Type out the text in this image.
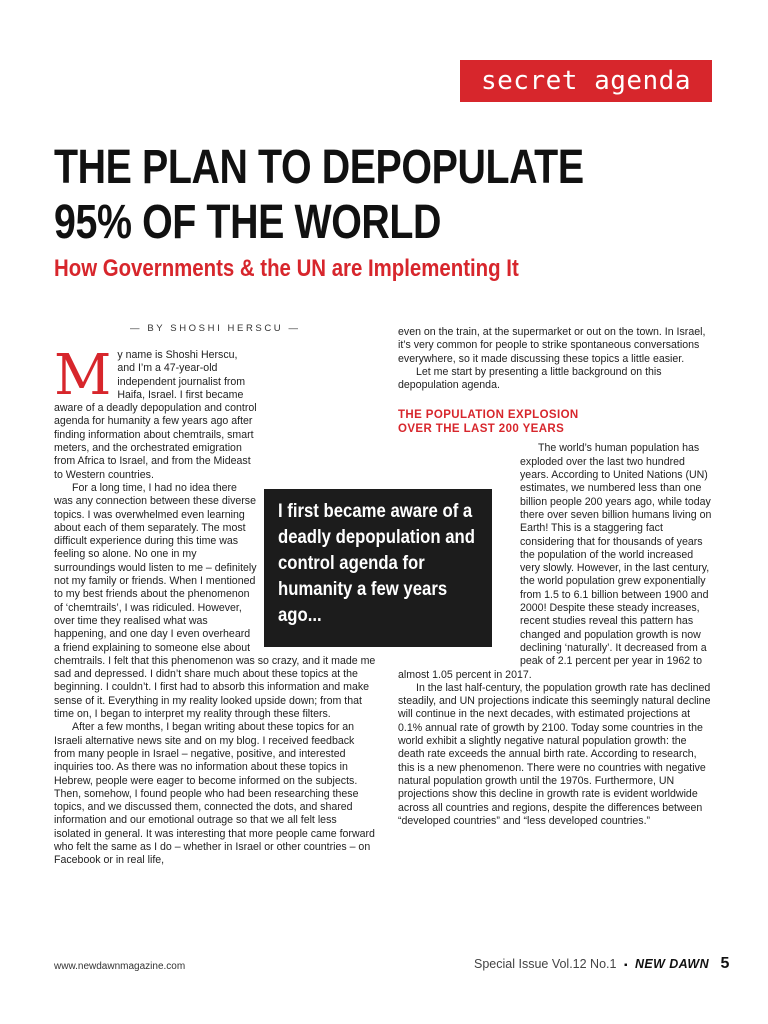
secret agenda
THE PLAN TO DEPOPULATE
95% OF THE WORLD
How Governments & the UN are Implementing It
— BY SHOSHI HERSCU —
M y name is Shoshi Herscu, and I’m a 47-year-old independent journalist from Haifa, Israel. I first became aware of a deadly depopulation and control agenda for humanity a few years ago after finding information about chemtrails, smart meters, and the orchestrated emigration from Africa to Israel, and from the Mideast to Western countries.

For a long time, I had no idea there was any connection between these diverse topics. I was overwhelmed even learning about each of them separately. The most difficult experience during this time was feeling so alone. No one in my surroundings would listen to me – definitely not my family or friends. When I mentioned to my best friends about the phenomenon of ‘chemtrails’, I was ridiculed. However, over time they realised what was happening, and one day I even overheard a friend explaining to someone else about chemtrails. I felt that this phenomenon was so crazy, and it made me sad and depressed. I didn’t share much about these topics at the beginning. I couldn’t. I first had to absorb this information and make sense of it. Everything in my reality looked upside down; from that time on, I began to interpret my reality through these filters.

After a few months, I began writing about these topics for an Israeli alternative news site and on my blog. I received feedback from many people in Israel – negative, positive, and interested inquiries too. As there was no information about these topics in Hebrew, people were eager to become informed on the subjects. Then, somehow, I found people who had been researching these topics, and we discussed them, connected the dots, and shared information and our emotional outrage so that we all felt less isolated in general. It was interesting that more people came forward who felt the same as I do – whether in Israel or other countries – on Facebook or in real life,

even on the train, at the supermarket or out on the town. In Israel, it’s very common for people to strike spontaneous conversations everywhere, so it made discussing these topics a little easier.

Let me start by presenting a little background on this depopulation agenda.

THE POPULATION EXPLOSION
OVER THE LAST 200 YEARS

The world’s human population has exploded over the last two hundred years. According to United Nations (UN) estimates, we numbered less than one billion people 200 years ago, while today there over seven billion humans living on Earth! This is a staggering fact considering that for thousands of years the population of the world increased very slowly. However, in the last century, the world population grew exponentially from 1.5 to 6.1 billion between 1900 and 2000! Despite these steady increases, recent studies reveal this pattern has changed and population growth is now declining ‘naturally’. It decreased from a peak of 2.1 percent per year in 1962 to almost 1.05 percent in 2017.

In the last half-century, the population growth rate has declined steadily, and UN projections indicate this seemingly natural decline will continue in the next decades, with estimated projections at 0.1% annual rate of growth by 2100. Today some countries in the world exhibit a slightly negative natural population growth: the death rate exceeds the annual birth rate. According to research, this is a new phenomenon. There were no countries with negative natural population growth until the 1970s. Furthermore, UN projections show this decline in growth rate is evident worldwide across all countries and regions, despite the differences between “developed countries” and “less developed countries.”

I first became aware of a deadly depopulation and control agenda for humanity a few years ago...
www.newdawnmagazine.com	Special Issue Vol.12 No.1 ▪ NEW DAWN 5
